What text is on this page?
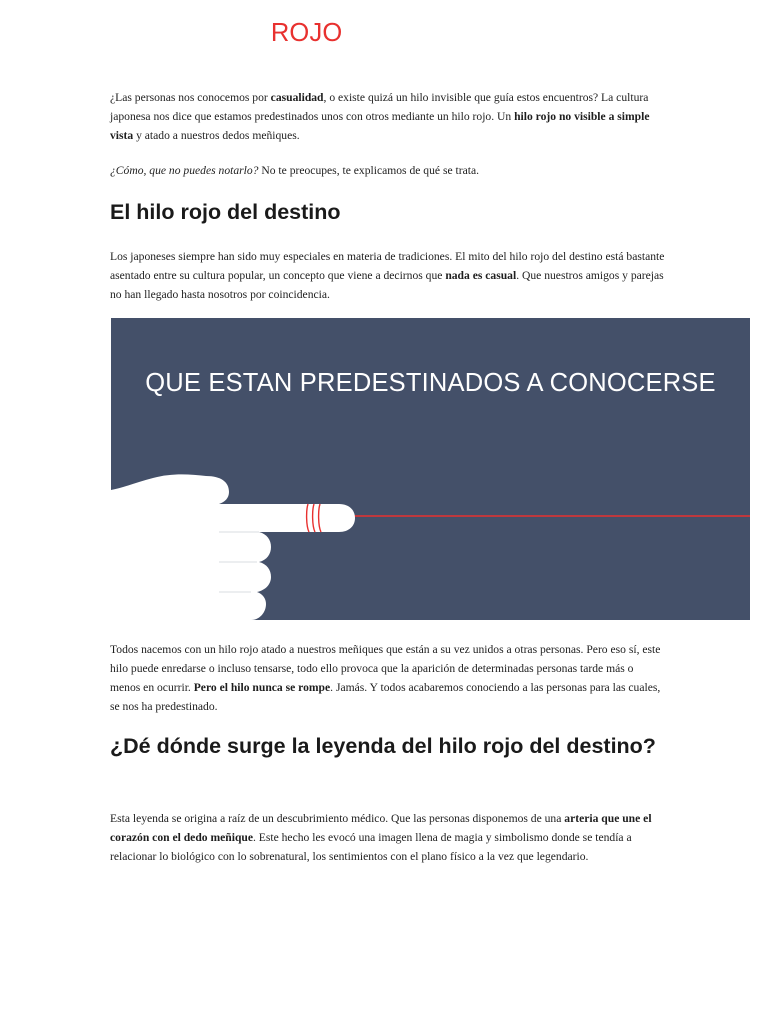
¿Las personas nos conocemos por casualidad, o existe quizá un hilo invisible que guía estos encuentros? La cultura japonesa nos dice que estamos predestinados unos con otros mediante un hilo rojo. Un hilo rojo no visible a simple vista y atado a nuestros dedos meñiques.

¿Cómo, que no puedes notarlo? No te preocupes, te explicamos de qué se trata.

El hilo rojo del destino

Los japoneses siempre han sido muy especiales en materia de tradiciones. El mito del hilo rojo del destino está bastante asentado entre su cultura popular, un concepto que viene a decirnos que nada es casual. Que nuestros amigos y parejas no han llegado hasta nosotros por coincidencia.

UN HILO ROJO QUE CONECTA A AQUELLOS
QUE ESTAN PREDESTINADOS A CONOCERSE

Todos nacemos con un hilo rojo atado a nuestros meñiques que están a su vez unidos a otras personas. Pero eso sí, este hilo puede enredarse o incluso tensarse, todo ello provoca que la aparición de determinadas personas tarde más o menos en ocurrir. Pero el hilo nunca se rompe. Jamás. Y todos acabaremos conociendo a las personas para las cuales, se nos ha predestinado.

¿Dé dónde surge la leyenda del hilo rojo del destino?

Esta leyenda se origina a raíz de un descubrimiento médico. Que las personas disponemos de una arteria que une el corazón con el dedo meñique. Este hecho les evocó una imagen llena de magia y simbolismo donde se tendía a relacionar lo biológico con lo sobrenatural, los sentimientos con el plano físico a la vez que legendario.
